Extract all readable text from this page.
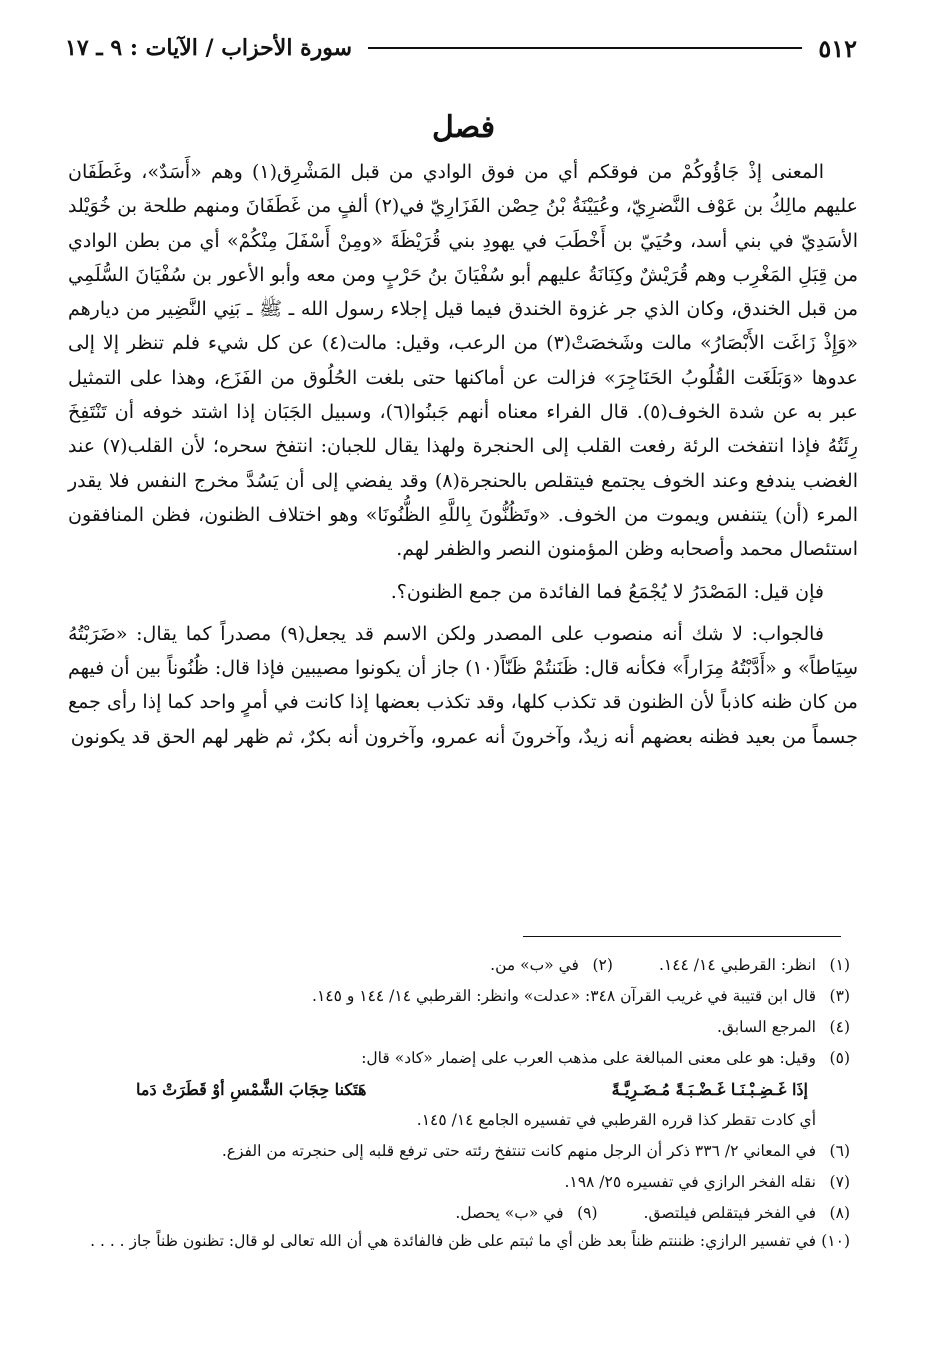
٥١٢
سورة الأحزاب / الآيات : ٩ ـ ١٧
فصل

المعنى إذْ جَاؤُوكُمْ من فوقكم أي من فوق الوادي من قبل المَشْرِق(١) وهم «أَسَدٌ»، وغَطَفَان عليهم مالِكُ بن عَوْف النَّضرِيّ، وعُيَيْنَةُ بْنُ حِصْن الفَزَارِيّ في(٢) ألفٍ من غَطَفَانَ ومنهم طلحة بن خُوَيْلد الأسَدِيّ في بني أسد، وحُيَيّ بن أَخْطَبَ في يهودِ بني قُرَيْظَةَ «ومِنْ أَسْفَلَ مِنْكُمْ» أي من بطن الوادي من قِبَلِ المَغْرِب وهم قُرَيْشٌ وكِنَانَةُ عليهم أبو سُفْيَانَ بنُ حَرْبٍ ومن معه وأبو الأعور بن سُفْيَانَ السُّلَمِي من قبل الخندق، وكان الذي جر غزوة الخندق فيما قيل إجلاء رسول الله ـ ﷺ ـ بَنِي النَّضِير من ديارهم «وَإِذْ زَاغَت الأَبْصَارُ» مالت وشَخصَتْ(٣) من الرعب، وقيل: مالت(٤) عن كل شيء فلم تنظر إلا إلى عدوها «وَبَلَغَت القُلُوبُ الحَنَاجِرَ» فزالت عن أماكنها حتى بلغت الحُلُوق من الفَزَع، وهذا على التمثيل عبر به عن شدة الخوف(٥). قال الفراء معناه أنهم جَبنُوا(٦)، وسبيل الجَبَان إذا اشتد خوفه أن تَنْتَفِخَ رِئَتُهُ فإذا انتفخت الرئة رفعت القلب إلى الحنجرة ولهذا يقال للجبان: انتفخ سحره؛ لأن القلب(٧) عند الغضب يندفع وعند الخوف يجتمع فيتقلص بالحنجرة(٨) وقد يفضي إلى أن يَسُدَّ مخرج النفس فلا يقدر المرء (أن) يتنفس ويموت من الخوف. «وتَظُنُّونَ بِاللَّهِ الظُّنُونَا» وهو اختلاف الظنون، فظن المنافقون استئصال محمد وأصحابه وظن المؤمنون النصر والظفر لهم.

فإن قيل: المَصْدَرُ لا يُجْمَعُ فما الفائدة من جمع الظنون؟.

فالجواب: لا شك أنه منصوب على المصدر ولكن الاسم قد يجعل(٩) مصدراً كما يقال: «ضَرَبْتُهُ سِيَاطاً» و «أَدَّبْتُهُ مِرَاراً» فكأنه قال: ظَنَنتُمْ ظَنّاً(١٠) جاز أن يكونوا مصيبين فإذا قال: ظُنُوناً بين أن فيهم من كان ظنه كاذباً لأن الظنون قد تكذب كلها، وقد تكذب بعضها إذا كانت في أمرٍ واحد كما إذا رأى جمع جسماً من بعيد فظنه بعضهم أنه زيدٌ، وآخرونَ أنه عمرو، وآخرون أنه بكرٌ، ثم ظهر لهم الحق قد يكونون

(١)
انظر: القرطبي ١٤/ ١٤٤.
(٢)
في «ب» من.
(٣)
قال ابن قتيبة في غريب القرآن ٣٤٨: «عدلت» وانظر: القرطبي ١٤/ ١٤٤ و ١٤٥.
(٤)
المرجع السابق.
(٥)
وقيل: هو على معنى المبالغة على مذهب العرب على إضمار «كاد» قال:
إذَا غَـضِـبْـنَـا غَـضْـبَـةً مُـضَـرِيَّـةً
هَتَكنا حِجَابَ الشَّمْسِ أوْ قَطَرَتْ دَما
أي كادت تقطر كذا قرره القرطبي في تفسيره الجامع ١٤/ ١٤٥.
(٦)
في المعاني ٢/ ٣٣٦ ذكر أن الرجل منهم كانت تنتفخ رئته حتى ترفع قلبه إلى حنجرته من الفزع.
(٧)
نقله الفخر الرازي في تفسيره ٢٥/ ١٩٨.
(٨)
في الفخر فيتقلص فيلتصق.
(٩)
في «ب» يحصل.
(١٠)
في تفسير الرازي: ظننتم ظناً بعد ظن أي ما ثبتم على ظن فالفائدة هي أن الله تعالى لو قال: تظنون ظناً جاز . . . .
